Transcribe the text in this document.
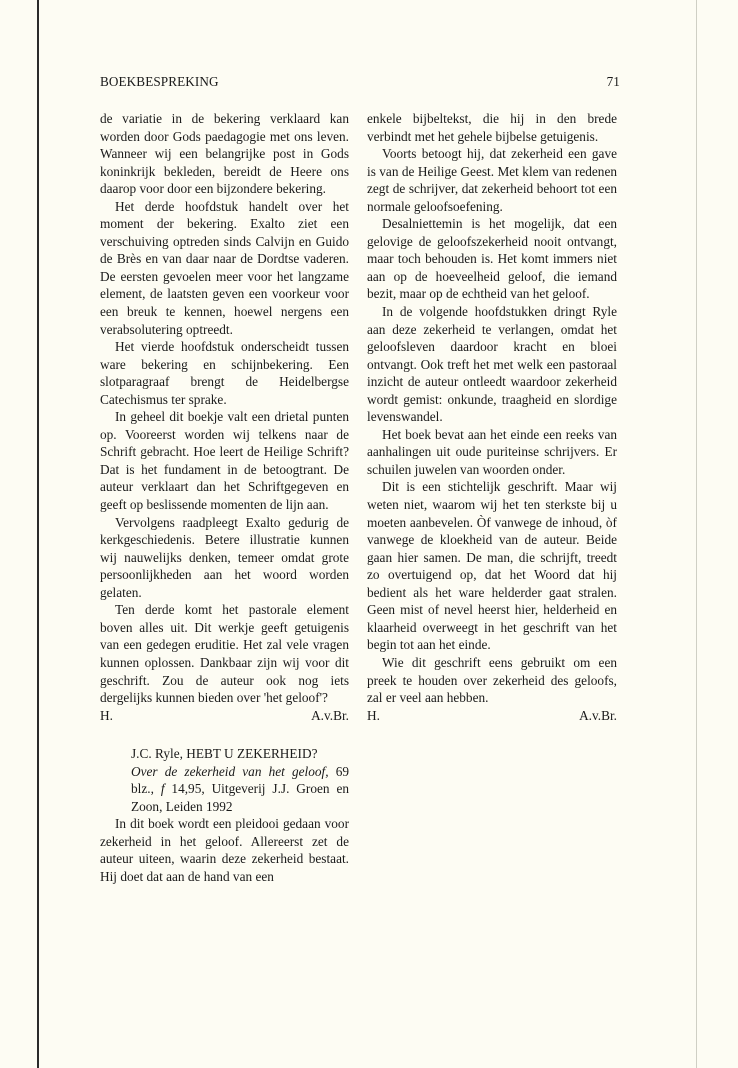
BOEKBESPREKING	71

de variatie in de bekering verklaard kan worden door Gods paedagogie met ons leven. Wanneer wij een belangrijke post in Gods koninkrijk bekleden, bereidt de Heere ons daarop voor door een bijzondere bekering.

Het derde hoofdstuk handelt over het moment der bekering. Exalto ziet een verschuiving optreden sinds Calvijn en Guido de Brès en van daar naar de Dordtse vaderen. De eersten gevoelen meer voor het langzame element, de laatsten geven een voorkeur voor een breuk te kennen, hoewel nergens een verabsolutering optreedt.

Het vierde hoofdstuk onderscheidt tussen ware bekering en schijnbekering. Een slotparagraaf brengt de Heidelbergse Catechismus ter sprake.

In geheel dit boekje valt een drietal punten op. Vooreerst worden wij telkens naar de Schrift gebracht. Hoe leert de Heilige Schrift? Dat is het fundament in de betoogtrant. De auteur verklaart dan het Schriftgegeven en geeft op beslissende momenten de lijn aan.

Vervolgens raadpleegt Exalto gedurig de kerkgeschiedenis. Betere illustratie kunnen wij nauwelijks denken, temeer omdat grote persoonlijkheden aan het woord worden gelaten.

Ten derde komt het pastorale element boven alles uit. Dit werkje geeft getuigenis van een gedegen eruditie. Het zal vele vragen kunnen oplossen. Dankbaar zijn wij voor dit geschrift. Zou de auteur ook nog iets dergelijks kunnen bieden over 'het geloof'?

H.	A.v.Br.
J.C. Ryle, HEBT U ZEKERHEID?
Over de zekerheid van het geloof, 69 blz., f 14,95, Uitgeverij J.J. Groen en Zoon, Leiden 1992

In dit boek wordt een pleidooi gedaan voor zekerheid in het geloof. Allereerst zet de auteur uiteen, waarin deze zekerheid bestaat. Hij doet dat aan de hand van een

enkele bijbeltekst, die hij in den brede verbindt met het gehele bijbelse getuigenis.

Voorts betoogt hij, dat zekerheid een gave is van de Heilige Geest. Met klem van redenen zegt de schrijver, dat zekerheid behoort tot een normale geloofsoefening.

Desalniettemin is het mogelijk, dat een gelovige de geloofszekerheid nooit ontvangt, maar toch behouden is. Het komt immers niet aan op de hoeveelheid geloof, die iemand bezit, maar op de echtheid van het geloof.

In de volgende hoofdstukken dringt Ryle aan deze zekerheid te verlangen, omdat het geloofsleven daardoor kracht en bloei ontvangt. Ook treft het met welk een pastoraal inzicht de auteur ontleedt waardoor zekerheid wordt gemist: onkunde, traagheid en slordige levenswandel.

Het boek bevat aan het einde een reeks van aanhalingen uit oude puriteinse schrijvers. Er schuilen juwelen van woorden onder.

Dit is een stichtelijk geschrift. Maar wij weten niet, waarom wij het ten sterkste bij u moeten aanbevelen. Òf vanwege de inhoud, òf vanwege de kloekheid van de auteur. Beide gaan hier samen. De man, die schrijft, treedt zo overtuigend op, dat het Woord dat hij bedient als het ware helderder gaat stralen. Geen mist of nevel heerst hier, helderheid en klaarheid overweegt in het geschrift van het begin tot aan het einde.

Wie dit geschrift eens gebruikt om een preek te houden over zekerheid des geloofs, zal er veel aan hebben.

H.	A.v.Br.
